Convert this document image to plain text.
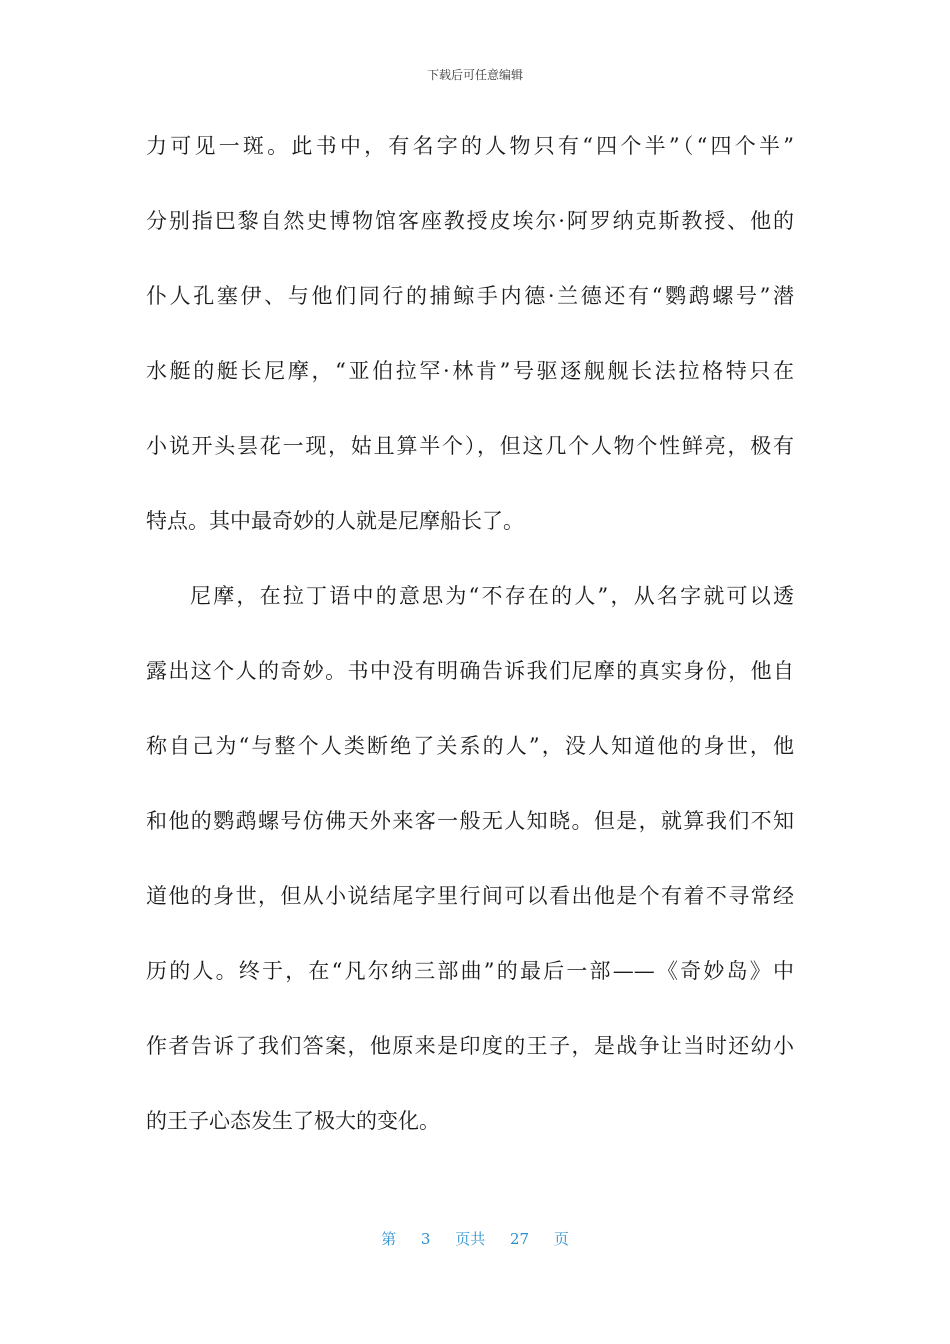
下载后可任意编辑
力可见一斑。此书中，有名字的人物只有“四个半”（“四个半”
分别指巴黎自然史博物馆客座教授皮埃尔·阿罗纳克斯教授、他的
仆人孔塞伊、与他们同行的捕鲸手内德·兰德还有“鹦鹉螺号”潜
水艇的艇长尼摩，“亚伯拉罕·林肯”号驱逐舰舰长法拉格特只在
小说开头昙花一现，姑且算半个），但这几个人物个性鲜亮，极有
特点。其中最奇妙的人就是尼摩船长了。
尼摩，在拉丁语中的意思为“不存在的人”，从名字就可以透
露出这个人的奇妙。书中没有明确告诉我们尼摩的真实身份，他自
称自己为“与整个人类断绝了关系的人”，没人知道他的身世，他
和他的鹦鹉螺号仿佛天外来客一般无人知晓。但是，就算我们不知
道他的身世，但从小说结尾字里行间可以看出他是个有着不寻常经
历的人。终于，在“凡尔纳三部曲”的最后一部——《奇妙岛》中
作者告诉了我们答案，他原来是印度的王子，是战争让当时还幼小
的王子心态发生了极大的变化。
第 3 页共 27 页
